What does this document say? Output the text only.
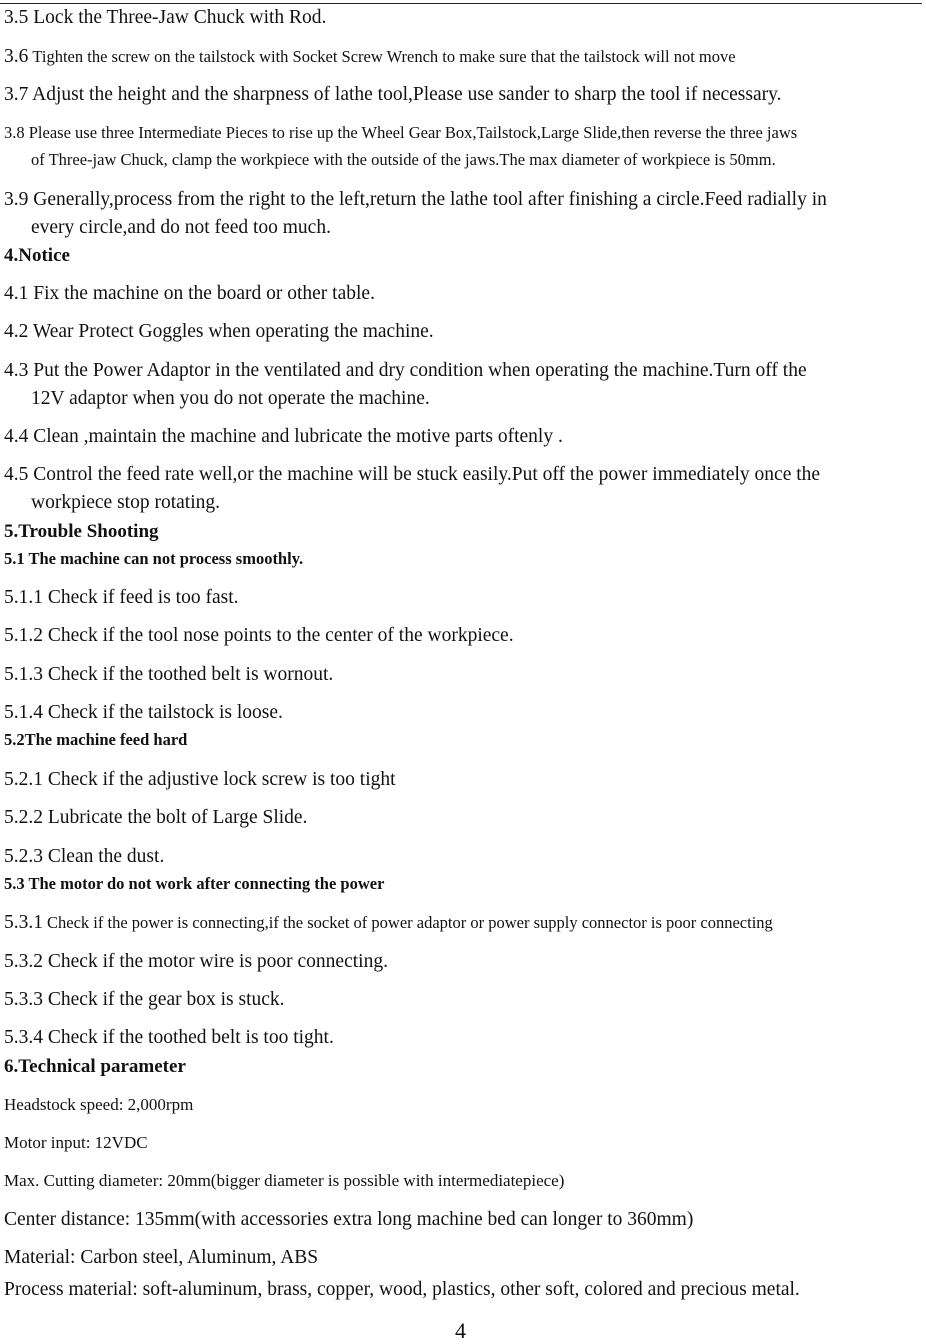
3.5 Lock the Three-Jaw Chuck with Rod.
3.6 Tighten the screw on the tailstock with Socket Screw Wrench to make sure that the tailstock will not move
3.7 Adjust the height and the sharpness of lathe tool,Please use sander to sharp the tool if necessary.
3.8 Please use three Intermediate Pieces to rise up the Wheel Gear Box,Tailstock,Large Slide,then reverse the three jaws
of Three-jaw Chuck, clamp the workpiece with the outside of the jaws.The max diameter of workpiece is 50mm.
3.9 Generally,process from the right to the left,return the lathe tool after finishing a circle.Feed radially in
every circle,and do not feed too much.
4.Notice
4.1 Fix the machine on the board or other table.
4.2 Wear Protect Goggles when operating the machine.
4.3 Put the Power Adaptor in the ventilated and dry condition when operating the machine.Turn off the
12V adaptor when you do not operate the machine.
4.4 Clean ,maintain the machine and lubricate the motive parts oftenly .
4.5 Control the feed rate well,or the machine will be stuck easily.Put off the power immediately once the
workpiece stop rotating.
5.Trouble Shooting
5.1 The machine can not process smoothly.
5.1.1 Check if feed is too fast.
5.1.2 Check if the tool nose points to the center of the workpiece.
5.1.3 Check if the toothed belt is wornout.
5.1.4 Check if the tailstock is loose.
5.2The machine feed hard
5.2.1 Check if the adjustive lock screw is too tight
5.2.2 Lubricate the bolt of Large Slide.
5.2.3 Clean the dust.
5.3 The motor do not work after connecting the power
5.3.1 Check if the power is connecting,if the socket of power adaptor or power supply connector is poor connecting
5.3.2 Check if the motor wire is poor connecting.
5.3.3 Check if the gear box is stuck.
5.3.4 Check if the toothed belt is too tight.
6.Technical parameter
Headstock speed: 2,000rpm
Motor input: 12VDC
Max. Cutting diameter: 20mm(bigger diameter is possible with intermediatepiece)
Center distance: 135mm(with accessories extra long machine bed can longer to 360mm)
Material: Carbon steel, Aluminum, ABS
Process material: soft-aluminum, brass, copper, wood, plastics, other soft, colored and precious metal.
4
